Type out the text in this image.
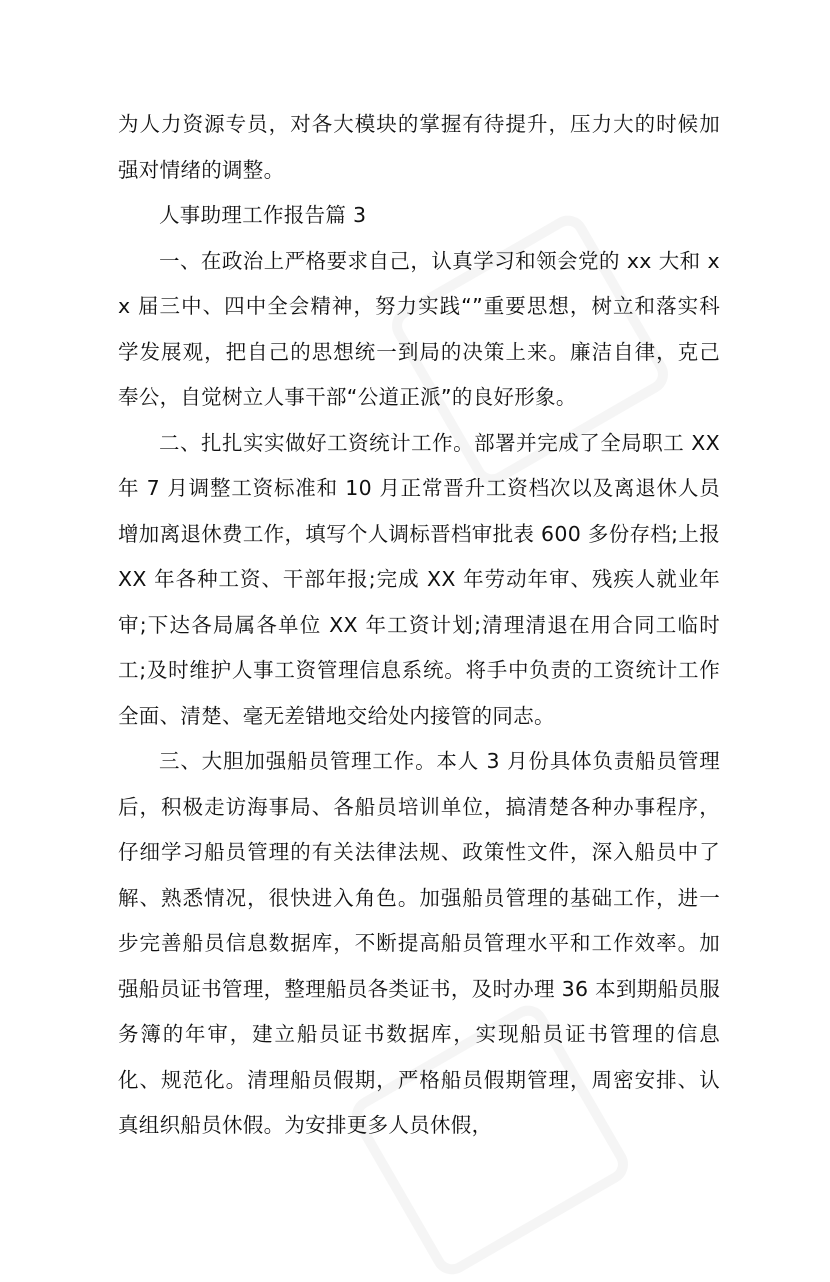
为人力资源专员，对各大模块的掌握有待提升，压力大的时候加强对情绪的调整。

人事助理工作报告篇 3

一、在政治上严格要求自己，认真学习和领会党的 xx 大和 xx 届三中、四中全会精神，努力实践“”重要思想，树立和落实科学发展观，把自己的思想统一到局的决策上来。廉洁自律，克己奉公，自觉树立人事干部“公道正派”的良好形象。

二、扎扎实实做好工资统计工作。部署并完成了全局职工 XX 年 7 月调整工资标准和 10 月正常晋升工资档次以及离退休人员增加离退休费工作，填写个人调标晋档审批表 600 多份存档;上报 XX 年各种工资、干部年报;完成 XX 年劳动年审、残疾人就业年审;下达各局属各单位 XX 年工资计划;清理清退在用合同工临时工;及时维护人事工资管理信息系统。将手中负责的工资统计工作全面、清楚、毫无差错地交给处内接管的同志。

三、大胆加强船员管理工作。本人 3 月份具体负责船员管理后，积极走访海事局、各船员培训单位，搞清楚各种办事程序，仔细学习船员管理的有关法律法规、政策性文件，深入船员中了解、熟悉情况，很快进入角色。加强船员管理的基础工作，进一步完善船员信息数据库，不断提高船员管理水平和工作效率。加强船员证书管理，整理船员各类证书，及时办理 36 本到期船员服务簿的年审，建立船员证书数据库，实现船员证书管理的信息化、规范化。清理船员假期，严格船员假期管理，周密安排、认真组织船员休假。为安排更多人员休假，
